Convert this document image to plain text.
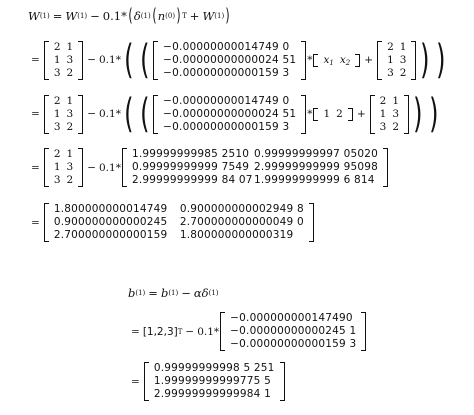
W (1) = W (1) − 0.1 * ( δ (1) ( n (0) ) T + W (1) )
=
2 1
1 3
3 2
− 0.1 * ( ( −0.00000000014749 0
−0.00000000000024 51
−0.00000000000159 3
* $x_1$ $x_2$ +
2 1
1 3
3 2 ) )
=
2 1
1 3
3 2
− 0.1 * ( ( −0.00000000014749 0
−0.00000000000024 51
−0.00000000000159 3
* 1 2 +
2 1
1 3
3 2 ) )
=
2 1
1 3
3 2
− 0.1 *
1.99999999985 2510 0.99999999997 05020
0.99999999999 7549 2.99999999999 95098
2.99999999999 84 07 1.99999999999 6 814
=
1.800000000014749	0.900000000002949 8
0.900000000000245	2.700000000000049 0
2.700000000000159	1.800000000000319
b (1) = b (1) − α δ (1)
= [1,2,3] T − 0.1 *
−0.000000000147490
−0.00000000000245 1
−0.00000000000159 3
=
0.99999999998 5 251
1.99999999999775 5
2.99999999999984 1
